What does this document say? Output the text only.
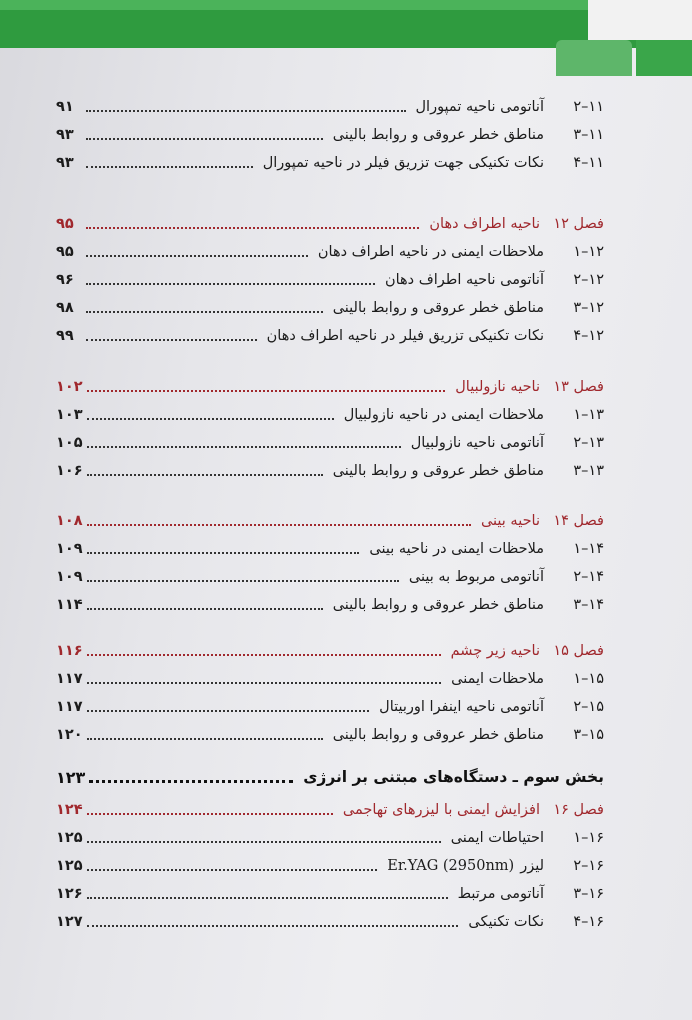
۱۱–۲
آناتومی ناحیه تمپورال
۹۱
۱۱–۳
مناطق خطر عروقی و روابط بالینی
۹۳
۱۱–۴
نکات تکنیکی جهت تزریق فیلر در ناحیه تمپورال
۹۳
فصل ۱۲
ناحیه اطراف دهان
۹۵
۱۲–۱
ملاحظات ایمنی در ناحیه اطراف دهان
۹۵
۱۲–۲
آناتومی ناحیه اطراف دهان
۹۶
۱۲–۳
مناطق خطر عروقی و روابط بالینی
۹۸
۱۲–۴
نکات تکنیکی تزریق فیلر در ناحیه اطراف دهان
۹۹
فصل ۱۳
ناحیه نازولبیال
۱۰۲
۱۳–۱
ملاحظات ایمنی در ناحیه نازولبیال
۱۰۳
۱۳–۲
آناتومی ناحیه نازولبیال
۱۰۵
۱۳–۳
مناطق خطر عروقی و روابط بالینی
۱۰۶
فصل ۱۴
ناحیه بینی
۱۰۸
۱۴–۱
ملاحظات ایمنی در ناحیه بینی
۱۰۹
۱۴–۲
آناتومی مربوط به بینی
۱۰۹
۱۴–۳
مناطق خطر عروقی و روابط بالینی
۱۱۴
فصل ۱۵
ناحیه زیر چشم
۱۱۶
۱۵–۱
ملاحظات ایمنی
۱۱۷
۱۵–۲
آناتومی ناحیه اینفرا اوربیتال
۱۱۷
۱۵–۳
مناطق خطر عروقی و روابط بالینی
۱۲۰
بخش سوم ـ دستگاه‌های مبتنی بر انرژی
۱۲۳
فصل ۱۶
افزایش ایمنی با لیزرهای تهاجمی
۱۲۴
۱۶–۱
احتیاطات ایمنی
۱۲۵
۱۶–۲
لیزر
Er.YAG (2950nm)
۱۲۵
۱۶–۳
آناتومی مرتبط
۱۲۶
۱۶–۴
نکات تکنیکی
۱۲۷
